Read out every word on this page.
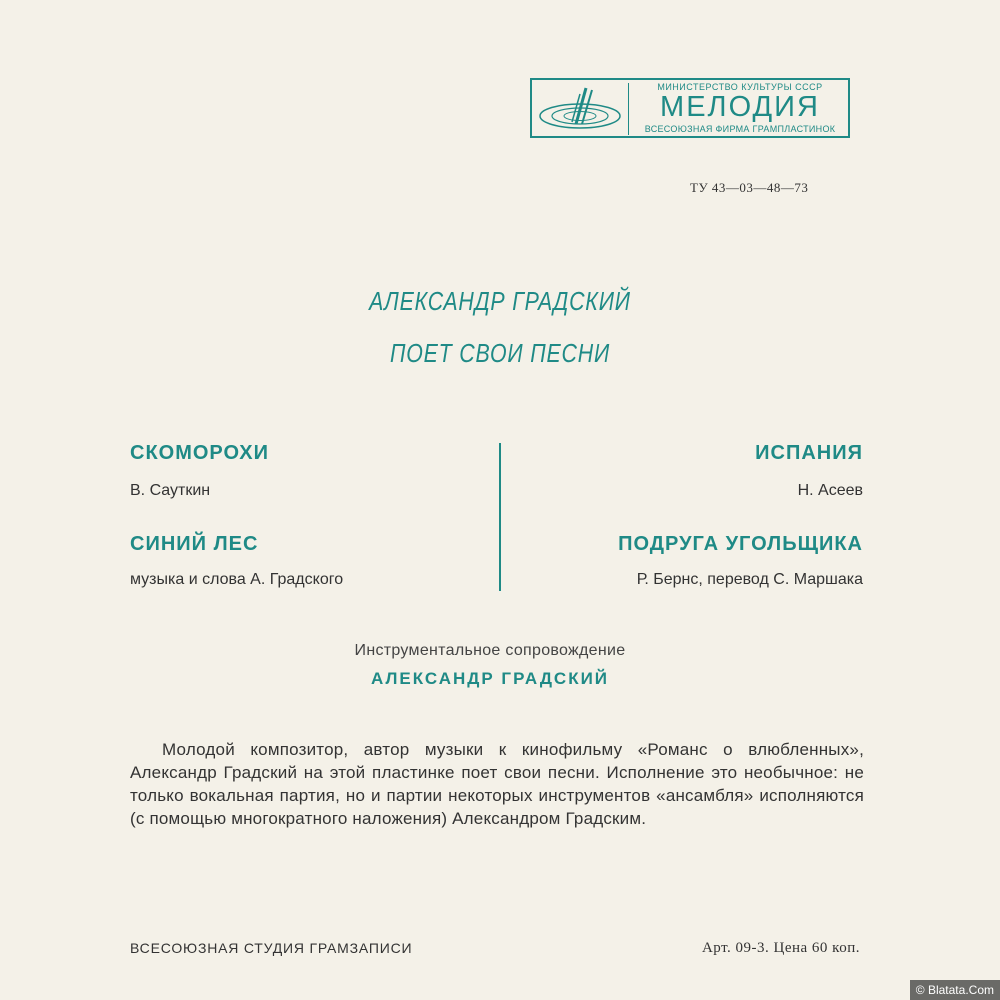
МИНИСТЕРСТВО КУЛЬТУРЫ СССР
МЕЛОДИЯ
ВСЕСОЮЗНАЯ ФИРМА ГРАМПЛАСТИНОК
ТУ 43—03—48—73
АЛЕКСАНДР ГРАДСКИЙ
ПОЕТ СВОИ ПЕСНИ
СКОМОРОХИ
В. Сауткин
СИНИЙ ЛЕС
музыка и слова А. Градского
ИСПАНИЯ
Н. Асеев
ПОДРУГА УГОЛЬЩИКА
Р. Бернс, перевод С. Маршака
Инструментальное сопровождение
АЛЕКСАНДР ГРАДСКИЙ
Молодой композитор, автор музыки к кинофильму «Романс о влюбленных», Александр Градский на этой пластинке поет свои песни. Исполнение это необычное: не только вокальная партия, но и партии некоторых инструментов «ансамбля» исполняются (с помощью многократного наложения) Александром Градским.
ВСЕСОЮЗНАЯ СТУДИЯ ГРАМЗАПИСИ	Арт. 09-3. Цена 60 коп.
© Blatata.Com
